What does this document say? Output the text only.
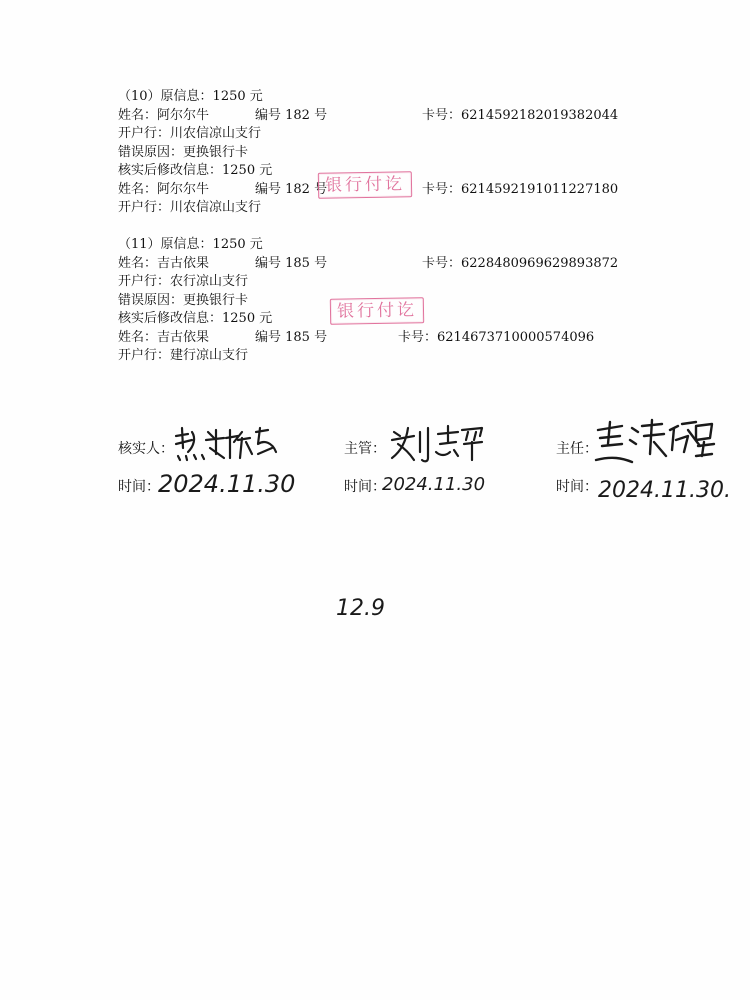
（10）原信息：1250 元
姓名：阿尔尔牛	编号 182 号	卡号：6214592182019382044
开户行：川农信凉山支行
错误原因：更换银行卡
核实后修改信息：1250 元
姓名：阿尔尔牛	编号 182 号	卡号：6214592191011227180
开户行：川农信凉山支行
银行付讫
（11）原信息：1250 元
姓名：吉古依果	编号 185 号	卡号：6228480969629893872
开户行：农行凉山支行
错误原因：更换银行卡
核实后修改信息：1250 元
姓名：吉古依果	编号 185 号	卡号：6214673710000574096
开户行：建行凉山支行
银行付讫
核实人：
时间：
2024.11.30
主管：
时间：
2024.11.30
主任：
时间： 2024.11.30.
12.9
